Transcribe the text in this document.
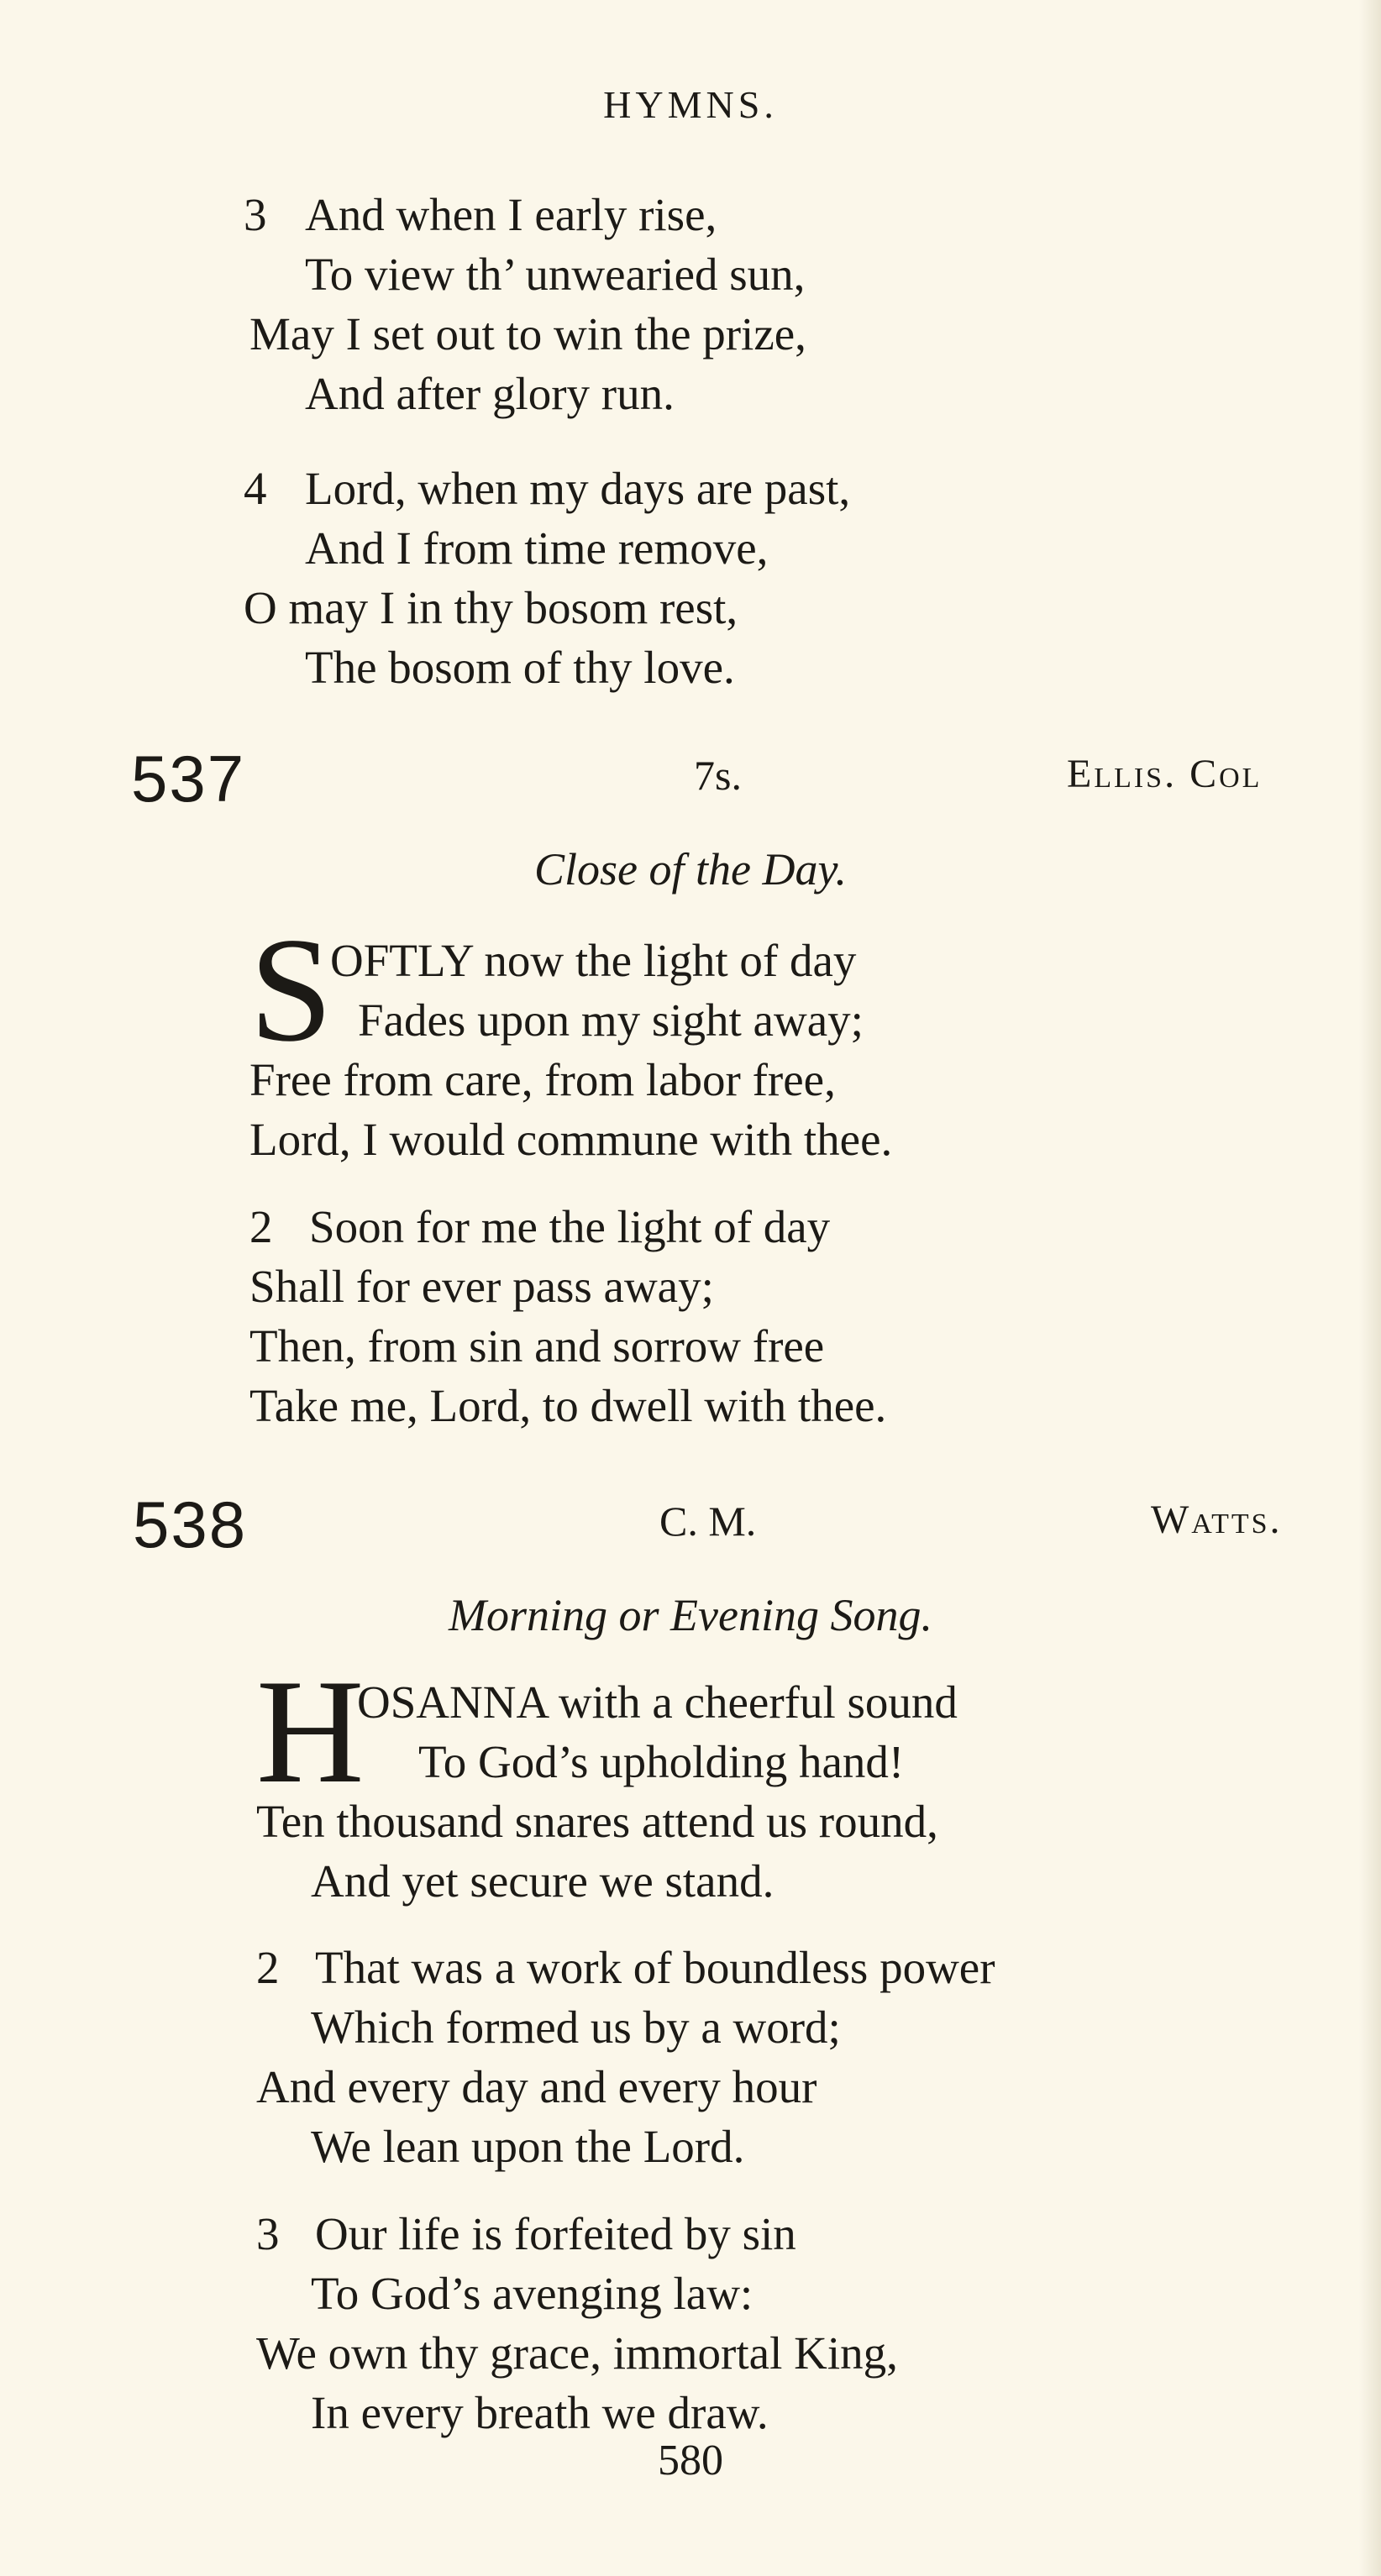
HYMNS.
3 And when I early rise,
To view th’ unwearied sun,
May I set out to win the prize,
And after glory run.
4 Lord, when my days are past,
And I from time remove,
O may I in thy bosom rest,
The bosom of thy love.
537	7s.	Ellis. Col
Close of the Day.
S
OFTLY now the light of day
Fades upon my sight away;
Free from care, from labor free,
Lord, I would commune with thee.
2 Soon for me the light of day
Shall for ever pass away;
Then, from sin and sorrow free
Take me, Lord, to dwell with thee.
538	C. M.	Watts.
Morning or Evening Song.
H
OSANNA with a cheerful sound
To God’s upholding hand!
Ten thousand snares attend us round,
And yet secure we stand.
2 That was a work of boundless power
Which formed us by a word;
And every day and every hour
We lean upon the Lord.
3 Our life is forfeited by sin
To God’s avenging law:
We own thy grace, immortal King,
In every breath we draw.
580
